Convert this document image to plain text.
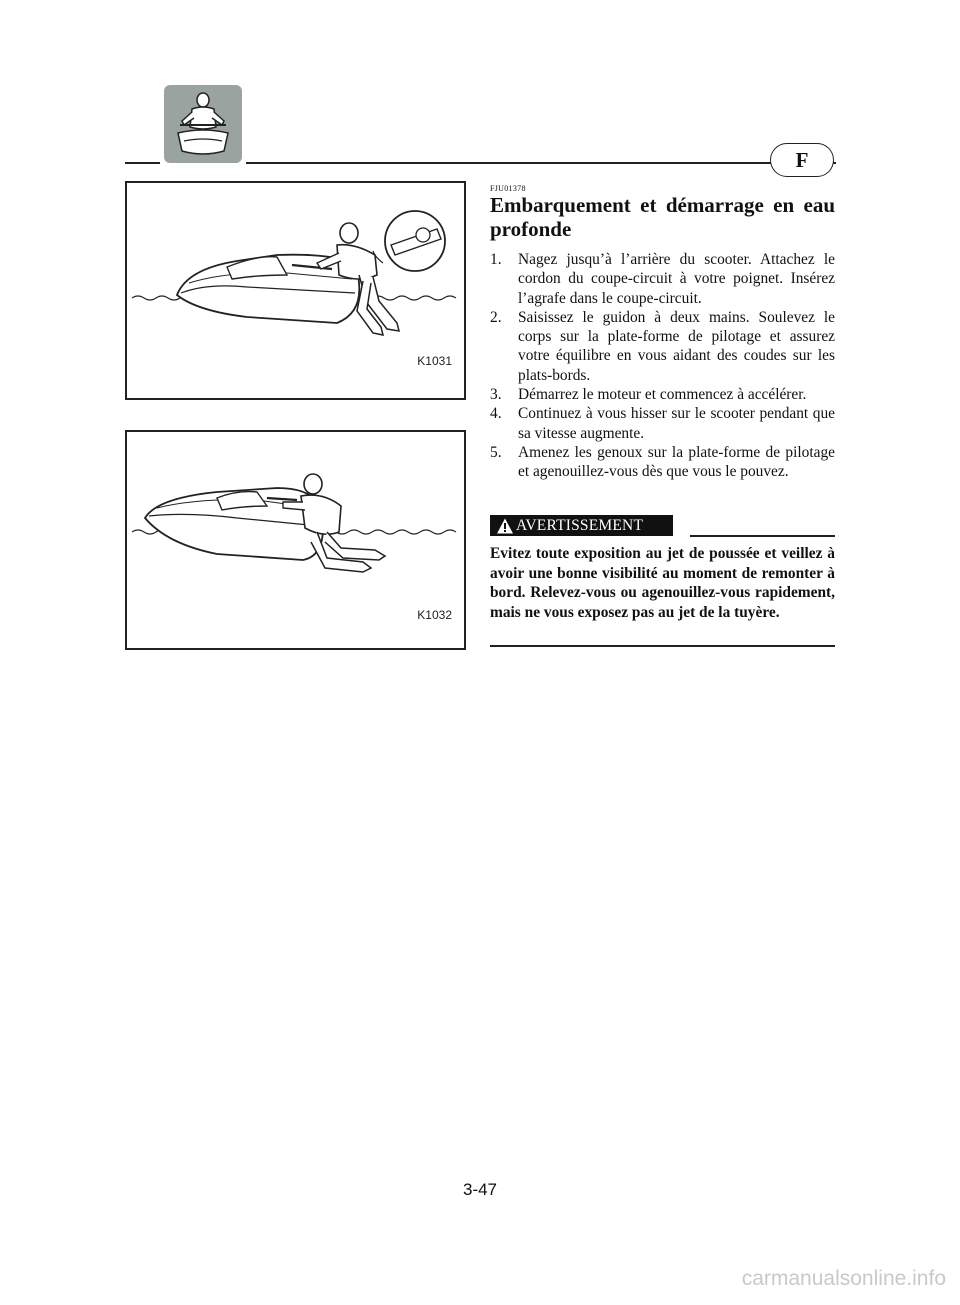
F
K1031
K1032
FJU01378
Embarquement et démarrage en eau profonde
1. Nagez jusqu’à l’arrière du scooter. Attachez le cordon du coupe-circuit à votre poignet. Insérez l’agrafe dans le coupe-circuit.
2. Saisissez le guidon à deux mains. Soulevez le corps sur la plate-forme de pilotage et assurez votre équilibre en vous aidant des coudes sur les plats-bords.
3. Démarrez le moteur et commencez à accélérer.
4. Continuez à vous hisser sur le scooter pendant que sa vitesse augmente.
5. Amenez les genoux sur la plate-forme de pilotage et agenouillez-vous dès que vous le pouvez.
AVERTISSEMENT
Evitez toute exposition au jet de poussée et veillez à avoir une bonne visibilité au moment de remonter à bord. Relevez-vous ou agenouillez-vous rapidement, mais ne vous exposez pas au jet de la tuyère.
3-47
carmanualsonline.info
